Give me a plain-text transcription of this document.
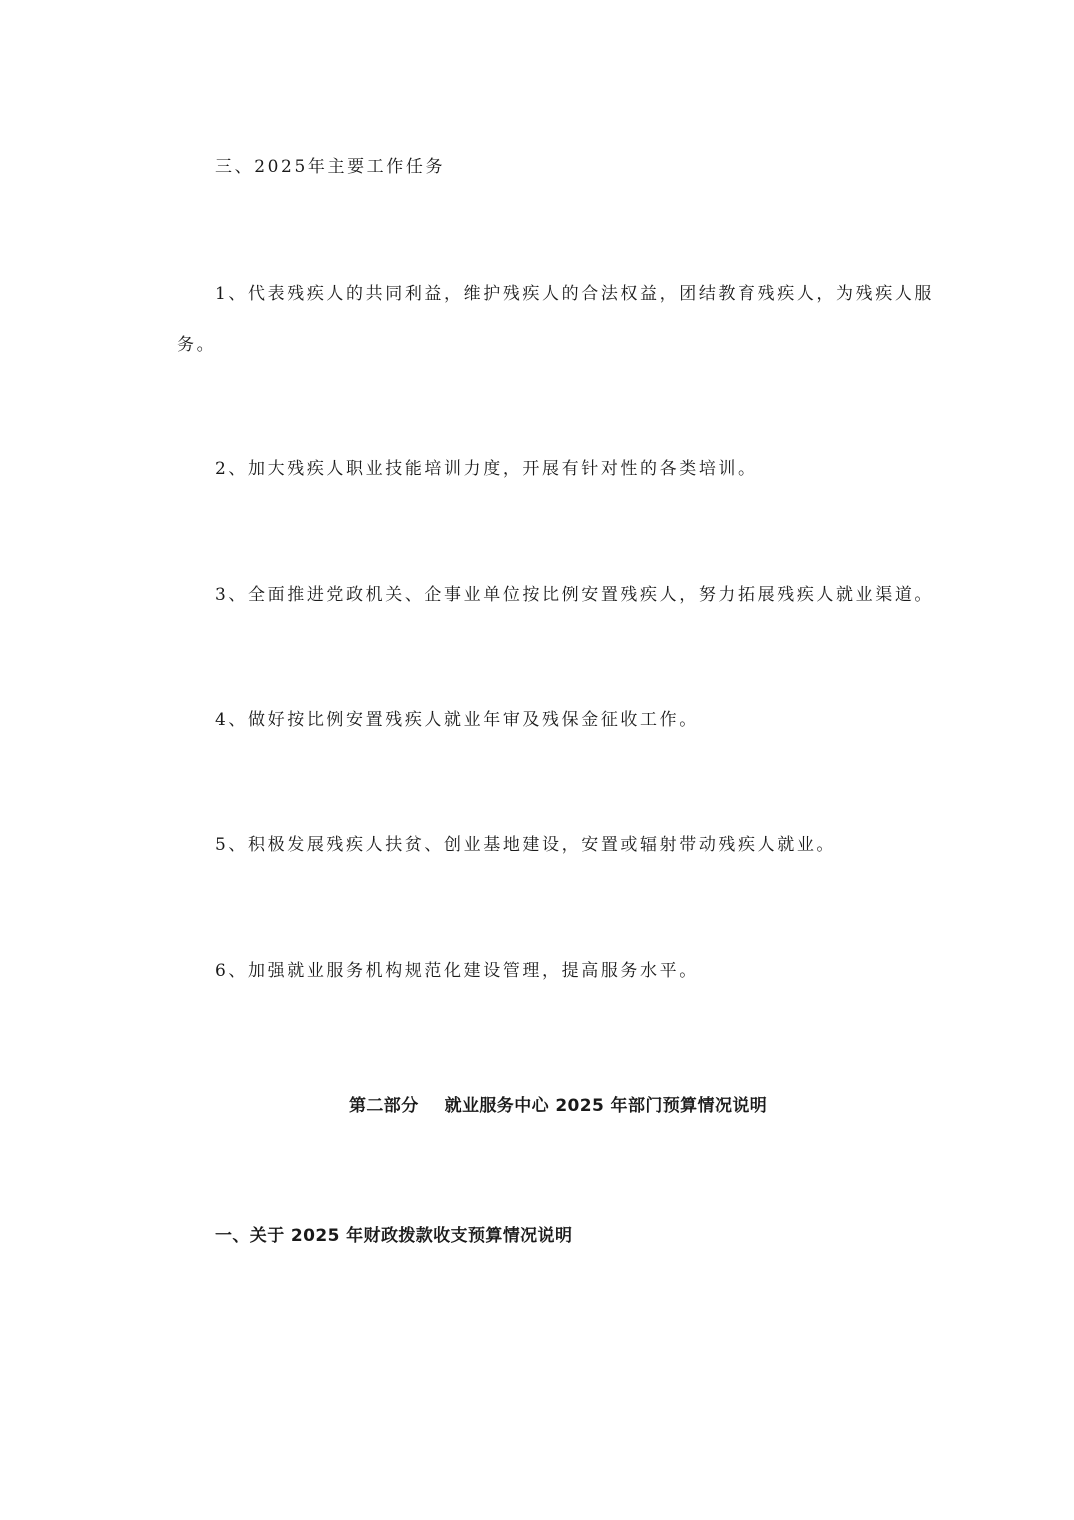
三、2025年主要工作任务
1、代表残疾人的共同利益，维护残疾人的合法权益，团结教育残疾人，为残疾人服
务。
2、加大残疾人职业技能培训力度，开展有针对性的各类培训。
3、全面推进党政机关、企事业单位按比例安置残疾人，努力拓展残疾人就业渠道。
4、做好按比例安置残疾人就业年审及残保金征收工作。
5、积极发展残疾人扶贫、创业基地建设，安置或辐射带动残疾人就业。
6、加强就业服务机构规范化建设管理，提高服务水平。
第二部分 就业服务中心 2025 年部门预算情况说明
一、关于 2025 年财政拨款收支预算情况说明
